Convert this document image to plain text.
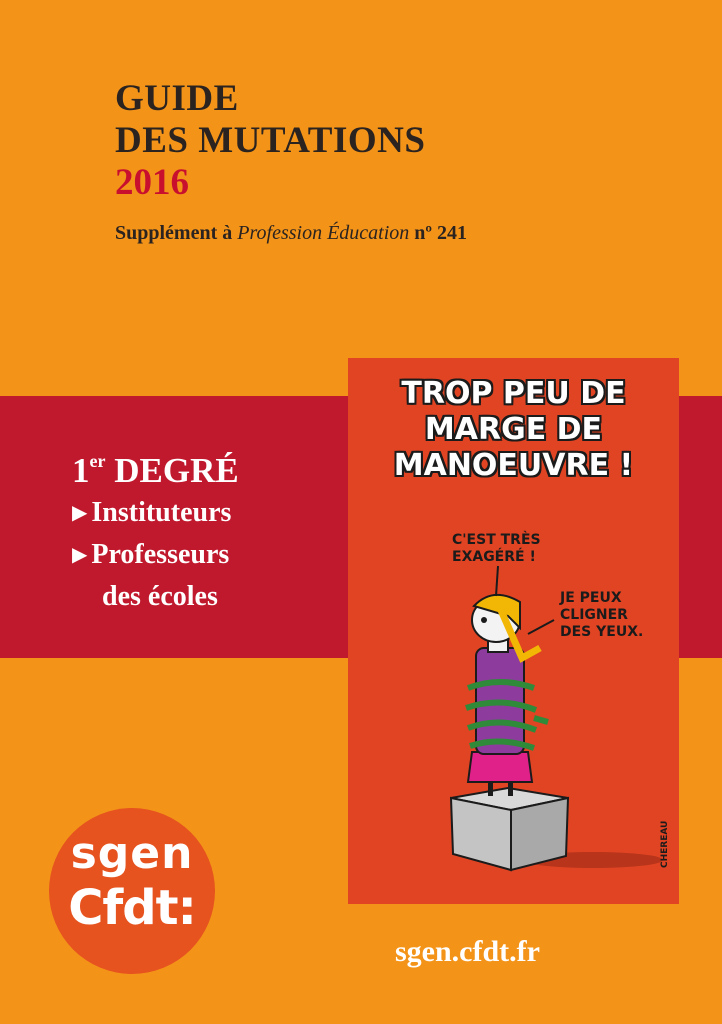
GUIDE
DES MUTATIONS
2016
Supplément à Profession Éducation nº 241
1er DEGRÉ
▶ Instituteurs
▶ Professeurs
des écoles
TROP PEU DE
MARGE DE
MANOEUVRE !
C'EST TRÈS
EXAGÉRÉ !
JE PEUX
CLIGNER
DES YEUX.
CHEREAU
sgen
Cfdt:
sgen.cfdt.fr
